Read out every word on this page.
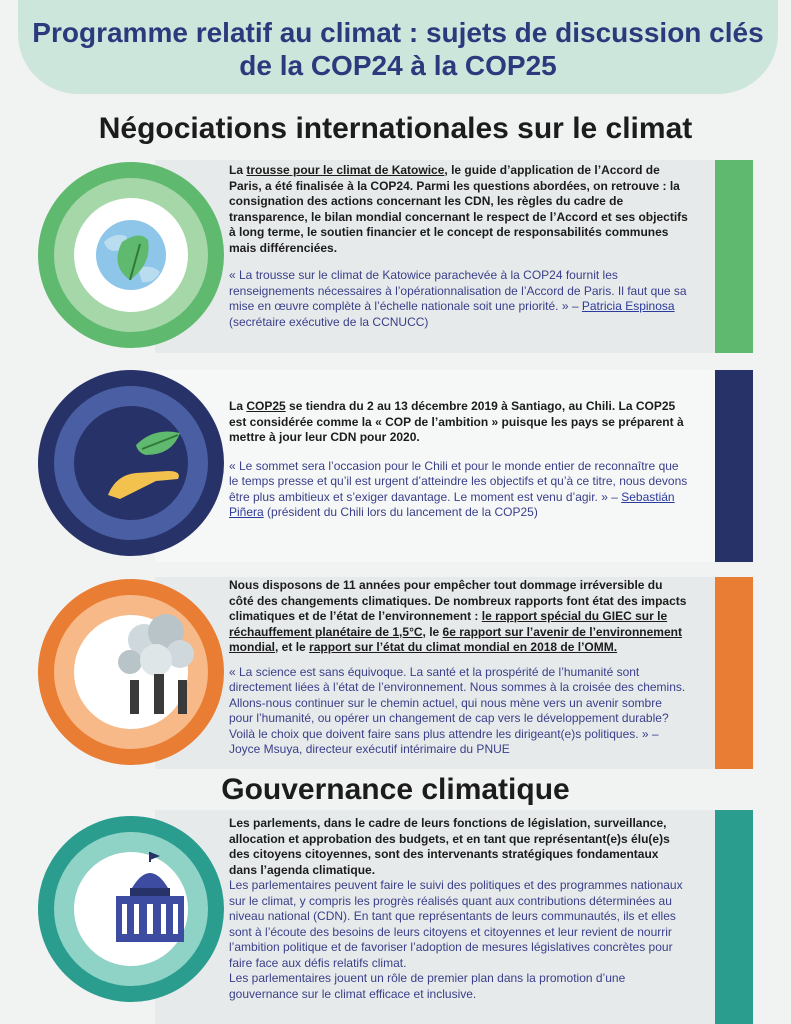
Programme relatif au climat : sujets de discussion clés de la COP24 à la COP25
Négociations internationales sur le climat

La trousse pour le climat de Katowice, le guide d’application de l’Accord de Paris, a été finalisée à la COP24. Parmi les questions abordées, on retrouve : la consignation des actions concernant les CDN, les règles du cadre de transparence, le bilan mondial concernant le respect de l’Accord et ses objectifs à long terme, le soutien financier et le concept de responsabilités communes mais différenciées.

« La trousse sur le climat de Katowice parachevée à la COP24 fournit les renseignements nécessaires à l’opérationnalisation de l’Accord de Paris. Il faut que sa mise en œuvre complète à l’échelle nationale soit une priorité. » – Patricia Espinosa (secrétaire exécutive de la CCNUCC)

La COP25 se tiendra du 2 au 13 décembre 2019 à Santiago, au Chili. La COP25 est considérée comme la « COP de l’ambition » puisque les pays se préparent à mettre à jour leur CDN pour 2020.

« Le sommet sera l’occasion pour le Chili et pour le monde entier de reconnaître que le temps presse et qu’il est urgent d’atteindre les objectifs et qu’à ce titre, nous devons être plus ambitieux et s’exiger davantage. Le moment est venu d’agir. » – Sebastián Piñera (président du Chili lors du lancement de la COP25)

Nous disposons de 11 années pour empêcher tout dommage irréversible du côté des changements climatiques. De nombreux rapports font état des impacts climatiques et de l’état de l’environnement : le rapport spécial du GIEC sur le réchauffement planétaire de 1,5°C, le 6e rapport sur l’avenir de l’environnement mondial, et le rapport sur l’état du climat mondial en 2018 de l’OMM.

« La science est sans équivoque. La santé et la prospérité de l’humanité sont directement liées à l’état de l’environnement. Nous sommes à la croisée des chemins. Allons-nous continuer sur le chemin actuel, qui nous mène vers un avenir sombre pour l’humanité, ou opérer un changement de cap vers le développement durable? Voilà le choix que doivent faire sans plus attendre les dirigeant(e)s politiques. » – Joyce Msuya, directeur exécutif intérimaire du PNUE

Gouvernance climatique

Les parlements, dans le cadre de leurs fonctions de législation, surveillance, allocation et approbation des budgets, et en tant que représentant(e)s élu(e)s des citoyens citoyennes, sont des intervenants stratégiques fondamentaux dans l’agenda climatique.

Les parlementaires peuvent faire le suivi des politiques et des programmes nationaux sur le climat, y compris les progrès réalisés quant aux contributions déterminées au niveau national (CDN). En tant que représentants de leurs communautés, ils et elles sont à l’écoute des besoins de leurs citoyens et citoyennes et leur revient de nourrir l’ambition politique et de favoriser l’adoption de mesures législatives concrètes pour faire face aux défis relatifs climat.

Les parlementaires jouent un rôle de premier plan dans la promotion d’une gouvernance sur le climat efficace et inclusive.
